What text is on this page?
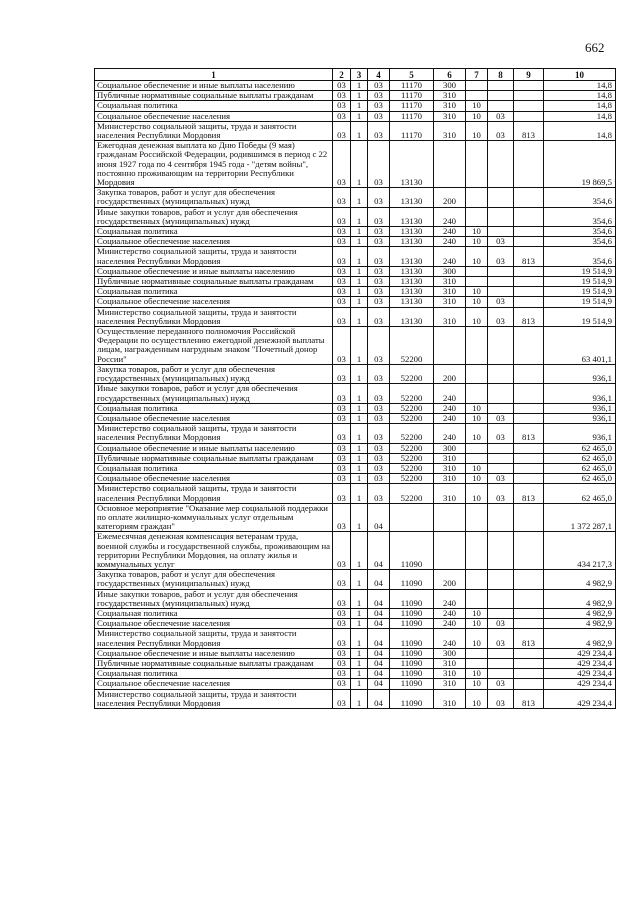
662
1	2	3	4	5	6	7	8	9	10
Социальное обеспечение и иные выплаты населению	03	1	03	11170	300				14,8
Публичные нормативные социальные выплаты гражданам	03	1	03	11170	310				14,8
Социальная политика	03	1	03	11170	310	10			14,8
Социальное обеспечение населения	03	1	03	11170	310	10	03		14,8
Министерство социальной защиты, труда и занятости населения Республики Мордовия	03	1	03	11170	310	10	03	813	14,8
Ежегодная денежная выплата ко Дню Победы (9 мая) гражданам Российской Федерации, родившимся в период с 22 июня 1927 года по 4 сентября 1945 года - "детям войны", постоянно проживающим на территории Республики Мордовия	03	1	03	13130					19 869,5
Закупка товаров, работ и услуг для обеспечения государственных (муниципальных) нужд	03	1	03	13130	200				354,6
Иные закупки товаров, работ и услуг для обеспечения государственных (муниципальных) нужд	03	1	03	13130	240				354,6
Социальная политика	03	1	03	13130	240	10			354,6
Социальное обеспечение населения	03	1	03	13130	240	10	03		354,6
Министерство социальной защиты, труда и занятости населения Республики Мордовия	03	1	03	13130	240	10	03	813	354,6
Социальное обеспечение и иные выплаты населению	03	1	03	13130	300				19 514,9
Публичные нормативные социальные выплаты гражданам	03	1	03	13130	310				19 514,9
Социальная политика	03	1	03	13130	310	10			19 514,9
Социальное обеспечение населения	03	1	03	13130	310	10	03		19 514,9
Министерство социальной защиты, труда и занятости населения Республики Мордовия	03	1	03	13130	310	10	03	813	19 514,9
Осуществление переданного полномочия Российской Федерации по осуществлению ежегодной денежной выплаты лицам, награжденным нагрудным знаком "Почетный донор России"	03	1	03	52200					63 401,1
Закупка товаров, работ и услуг для обеспечения государственных (муниципальных) нужд	03	1	03	52200	200				936,1
Иные закупки товаров, работ и услуг для обеспечения государственных (муниципальных) нужд	03	1	03	52200	240				936,1
Социальная политика	03	1	03	52200	240	10			936,1
Социальное обеспечение населения	03	1	03	52200	240	10	03		936,1
Министерство социальной защиты, труда и занятости населения Республики Мордовия	03	1	03	52200	240	10	03	813	936,1
Социальное обеспечение и иные выплаты населению	03	1	03	52200	300				62 465,0
Публичные нормативные социальные выплаты гражданам	03	1	03	52200	310				62 465,0
Социальная политика	03	1	03	52200	310	10			62 465,0
Социальное обеспечение населения	03	1	03	52200	310	10	03		62 465,0
Министерство социальной защиты, труда и занятости населения Республики Мордовия	03	1	03	52200	310	10	03	813	62 465,0
Основное мероприятие "Оказание мер социальной поддержки по оплате жилищно-коммунальных услуг отдельным категориям граждан"	03	1	04						1 372 287,1
Ежемесячная денежная компенсация ветеранам труда, военной службы и государственной службы, проживающим на территории Республики Мордовия, на оплату жилья и коммунальных услуг	03	1	04	11090					434 217,3
Закупка товаров, работ и услуг для обеспечения государственных (муниципальных) нужд	03	1	04	11090	200				4 982,9
Иные закупки товаров, работ и услуг для обеспечения государственных (муниципальных) нужд	03	1	04	11090	240				4 982,9
Социальная политика	03	1	04	11090	240	10			4 982,9
Социальное обеспечение населения	03	1	04	11090	240	10	03		4 982,9
Министерство социальной защиты, труда и занятости населения Республики Мордовия	03	1	04	11090	240	10	03	813	4 982,9
Социальное обеспечение и иные выплаты населению	03	1	04	11090	300				429 234,4
Публичные нормативные социальные выплаты гражданам	03	1	04	11090	310				429 234,4
Социальная политика	03	1	04	11090	310	10			429 234,4
Социальное обеспечение населения	03	1	04	11090	310	10	03		429 234,4
Министерство социальной защиты, труда и занятости населения Республики Мордовия	03	1	04	11090	310	10	03	813	429 234,4
